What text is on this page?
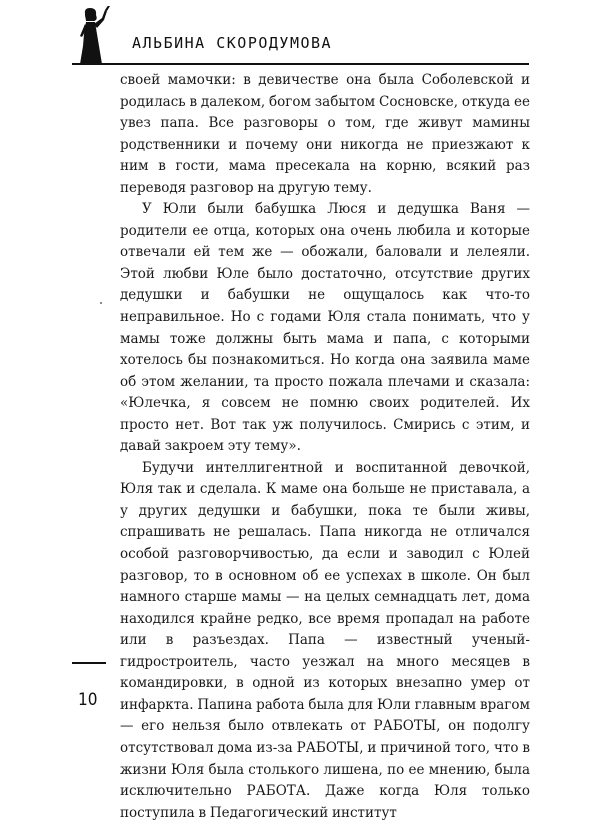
АЛЬБИНА СКОРОДУМОВА

своей мамочки: в девичестве она была Соболевской и родилась в далеком, богом забытом Сосновске, откуда ее увез папа. Все разговоры о том, где живут мамины родственники и почему они никогда не приезжают к ним в гости, мама пресекала на корню, всякий раз переводя разговор на другую тему.

У Юли были бабушка Люся и дедушка Ваня — родители ее отца, которых она очень любила и которые отвечали ей тем же — обожали, баловали и лелеяли. Этой любви Юле было достаточно, отсутствие других дедушки и бабушки не ощущалось как что-то неправильное. Но с годами Юля стала понимать, что у мамы тоже должны быть мама и папа, с которыми хотелось бы познакомиться. Но когда она заявила маме об этом желании, та просто пожала плечами и сказала: «Юлечка, я совсем не помню своих родителей. Их просто нет. Вот так уж получилось. Смирись с этим, и давай закроем эту тему».

Будучи интеллигентной и воспитанной девочкой, Юля так и сделала. К маме она больше не приставала, а у других дедушки и бабушки, пока те были живы, спрашивать не решалась. Папа никогда не отличался особой разговорчивостью, да если и заводил с Юлей разговор, то в основном об ее успехах в школе. Он был намного старше мамы — на целых семнадцать лет, дома находился крайне редко, все время пропадал на работе или в разъездах. Папа — известный ученый-гидростроитель, часто уезжал на много месяцев в командировки, в одной из которых внезапно умер от инфаркта. Папина работа была для Юли главным врагом — его нельзя было отвлекать от РАБОТЫ, он подолгу отсутствовал дома из-за РАБОТЫ, и причиной того, что в жизни Юля была столького лишена, по ее мнению, была исключительно РАБОТА. Даже когда Юля только поступила в Педагогический институт

10
